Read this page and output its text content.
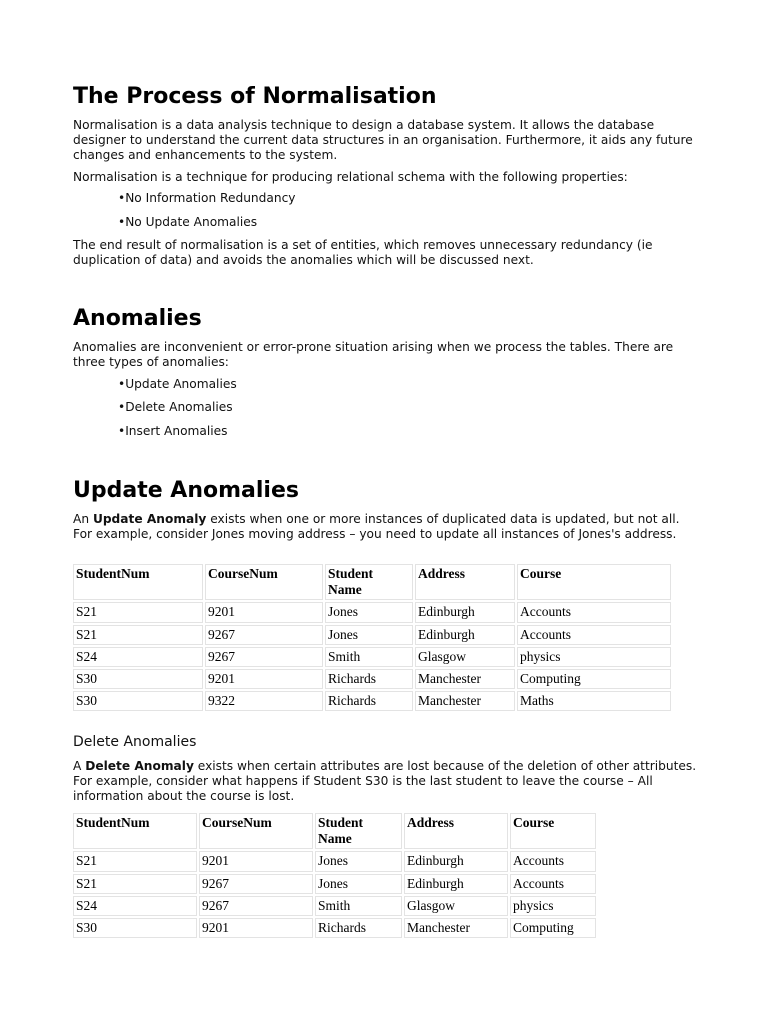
The Process of Normalisation

Normalisation is a data analysis technique to design a database system. It allows the database designer to understand the current data structures in an organisation. Furthermore, it aids any future changes and enhancements to the system.

Normalisation is a technique for producing relational schema with the following properties:

•No Information Redundancy
•No Update Anomalies

The end result of normalisation is a set of entities, which removes unnecessary redundancy (ie duplication of data) and avoids the anomalies which will be discussed next.

Anomalies

Anomalies are inconvenient or error-prone situation arising when we process the tables. There are three types of anomalies:

•Update Anomalies
•Delete Anomalies
•Insert Anomalies
Update Anomalies

An Update Anomaly exists when one or more instances of duplicated data is updated, but not all. For example, consider Jones moving address – you need to update all instances of Jones's address.

StudentNum	CourseNum	Student Name	Address	Course
S21	9201	Jones	Edinburgh	Accounts
S21	9267	Jones	Edinburgh	Accounts
S24	9267	Smith	Glasgow	physics
S30	9201	Richards	Manchester	Computing
S30	9322	Richards	Manchester	Maths
Delete Anomalies

A Delete Anomaly exists when certain attributes are lost because of the deletion of other attributes. For example, consider what happens if Student S30 is the last student to leave the course – All information about the course is lost.

StudentNum	CourseNum	Student Name	Address	Course
S21	9201	Jones	Edinburgh	Accounts
S21	9267	Jones	Edinburgh	Accounts
S24	9267	Smith	Glasgow	physics
S30	9201	Richards	Manchester	Computing
